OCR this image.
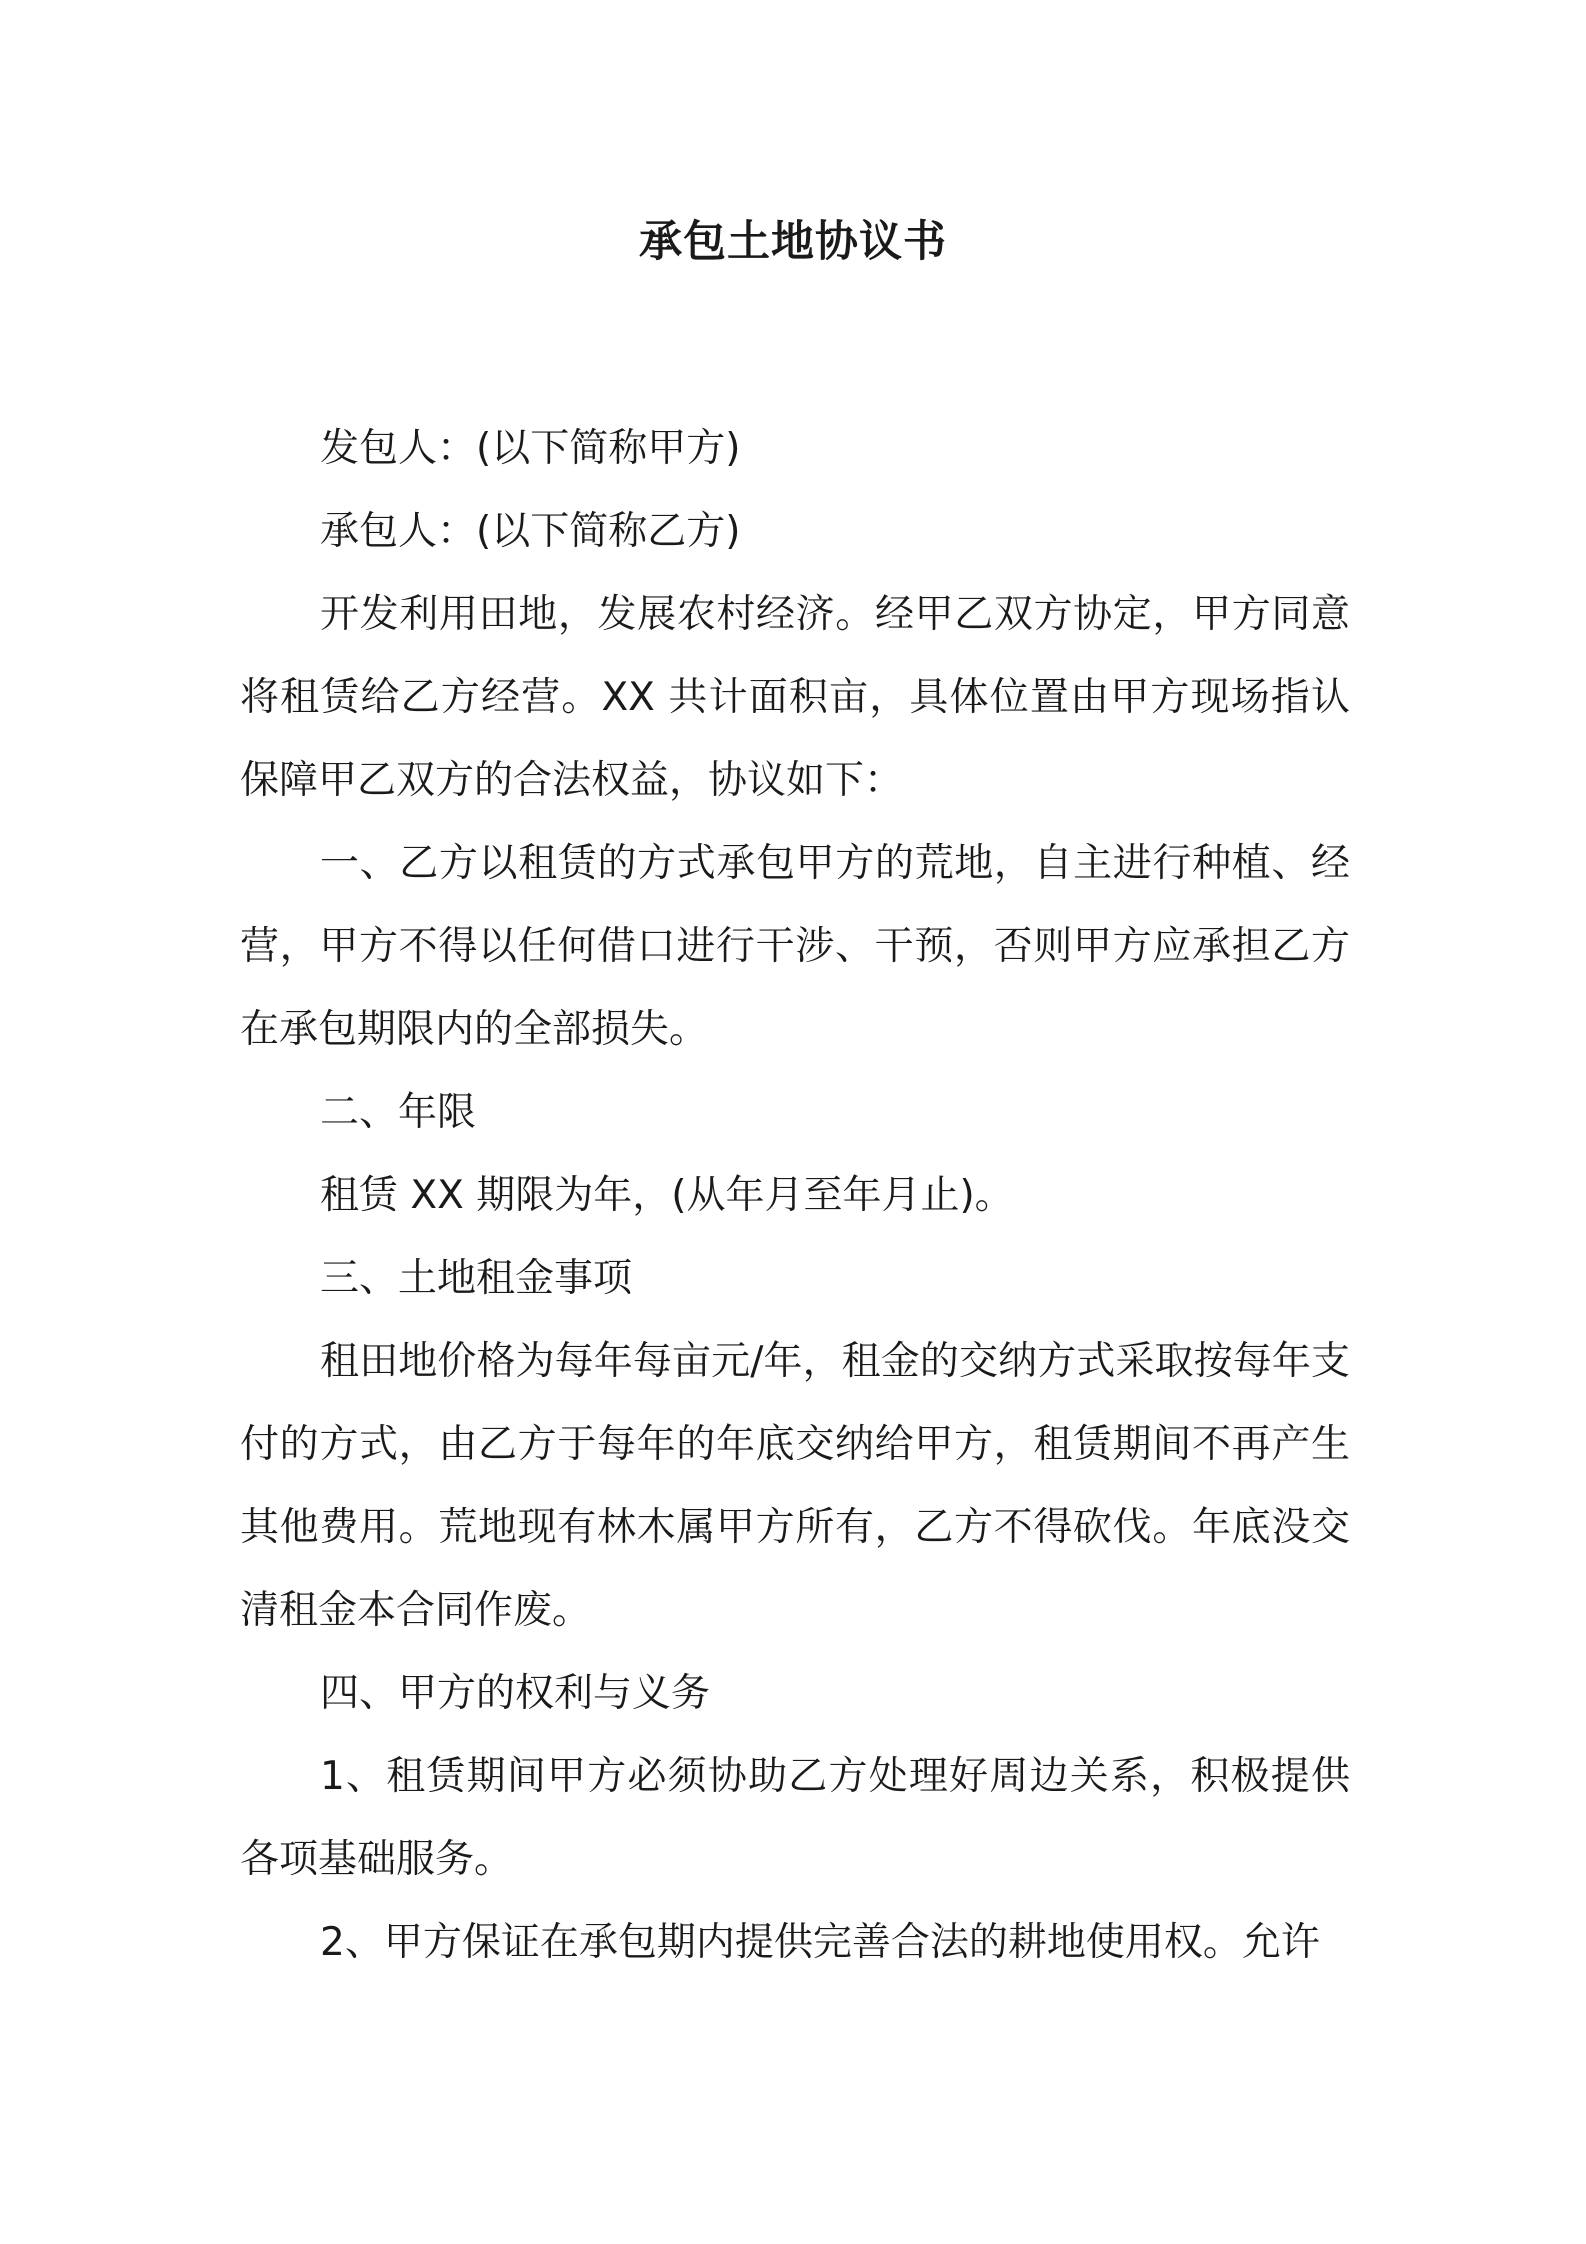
承包土地协议书

发包人：(以下简称甲方)

承包人：(以下简称乙方)

开发利用田地，发展农村经济。经甲乙双方协定，甲方同意将租赁给乙方经营。XX 共计面积亩，具体位置由甲方现场指认保障甲乙双方的合法权益，协议如下：

一、乙方以租赁的方式承包甲方的荒地，自主进行种植、经营，甲方不得以任何借口进行干涉、干预，否则甲方应承担乙方在承包期限内的全部损失。

二、年限

租赁 XX 期限为年，(从年月至年月止)。

三、土地租金事项

租田地价格为每年每亩元/年，租金的交纳方式采取按每年支付的方式，由乙方于每年的年底交纳给甲方，租赁期间不再产生其他费用。荒地现有林木属甲方所有，乙方不得砍伐。年底没交清租金本合同作废。

四、甲方的权利与义务

1、租赁期间甲方必须协助乙方处理好周边关系，积极提供各项基础服务。

2、甲方保证在承包期内提供完善合法的耕地使用权。允许
